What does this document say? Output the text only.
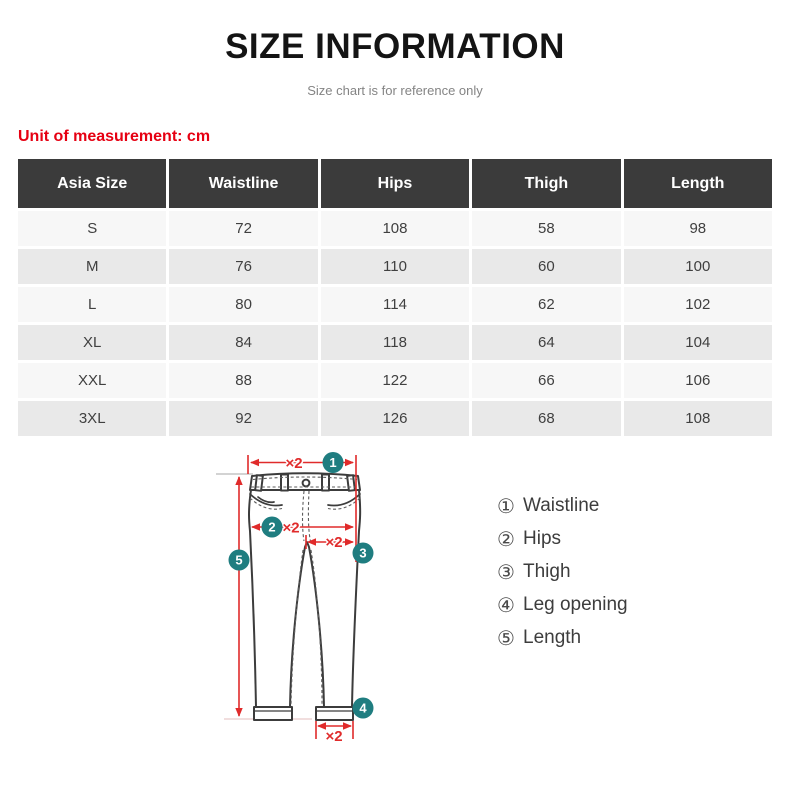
SIZE INFORMATION
Size chart is for reference only
Unit of measurement: cm
Asia Size	Waistline	Hips	Thigh	Length
S	72	108	58	98
M	76	110	60	100
L	80	114	62	102
XL	84	118	64	104
XXL	88	122	66	106
3XL	92	126	68	108
×2
×2
×2
×2
1
2
3
4
5
① Waistline
② Hips
③ Thigh
④ Leg opening
⑤ Length
